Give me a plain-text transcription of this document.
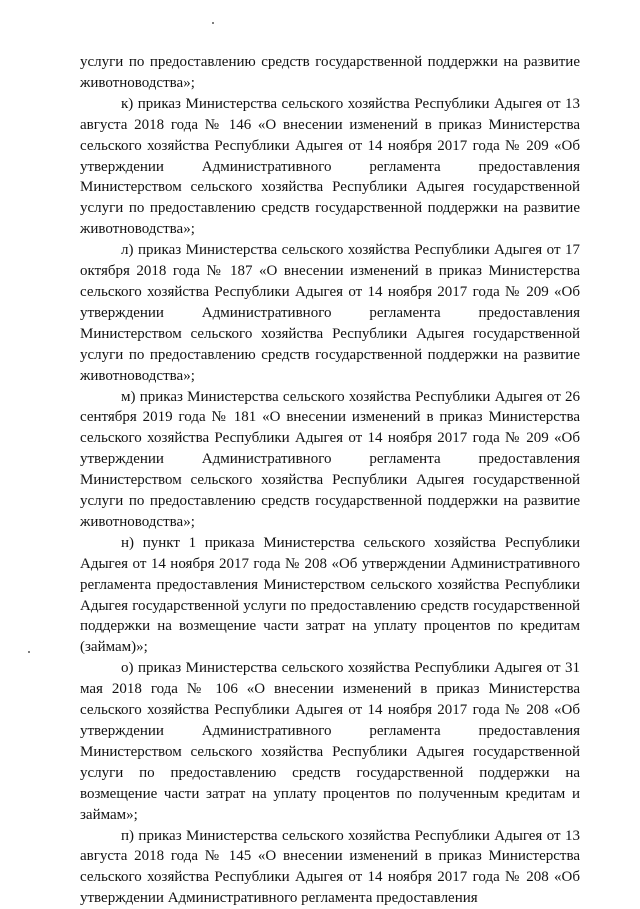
услуги по предоставлению средств государственной поддержки на развитие животноводства»;

к) приказ Министерства сельского хозяйства Республики Адыгея от 13 августа 2018 года № 146 «О внесении изменений в приказ Министерства сельского хозяйства Республики Адыгея от 14 ноября 2017 года № 209 «Об утверждении Административного регламента предоставления Министерством сельского хозяйства Республики Адыгея государственной услуги по предоставлению средств государственной поддержки на развитие животноводства»;

л) приказ Министерства сельского хозяйства Республики Адыгея от 17 октября 2018 года № 187 «О внесении изменений в приказ Министерства сельского хозяйства Республики Адыгея от 14 ноября 2017 года № 209 «Об утверждении Административного регламента предоставления Министерством сельского хозяйства Республики Адыгея государственной услуги по предоставлению средств государственной поддержки на развитие животноводства»;

м) приказ Министерства сельского хозяйства Республики Адыгея от 26 сентября 2019 года № 181 «О внесении изменений в приказ Министерства сельского хозяйства Республики Адыгея от 14 ноября 2017 года № 209 «Об утверждении Административного регламента предоставления Министерством сельского хозяйства Республики Адыгея государственной услуги по предоставлению средств государственной поддержки на развитие животноводства»;

н) пункт 1 приказа Министерства сельского хозяйства Республики Адыгея от 14 ноября 2017 года № 208 «Об утверждении Административного регламента предоставления Министерством сельского хозяйства Республики Адыгея государственной услуги по предоставлению средств государственной поддержки на возмещение части затрат на уплату процентов по кредитам (займам)»;

о) приказ Министерства сельского хозяйства Республики Адыгея от 31 мая 2018 года № 106 «О внесении изменений в приказ Министерства сельского хозяйства Республики Адыгея от 14 ноября 2017 года № 208 «Об утверждении Административного регламента предоставления Министерством сельского хозяйства Республики Адыгея государственной услуги по предоставлению средств государственной поддержки на возмещение части затрат на уплату процентов по полученным кредитам и займам»;

п) приказ Министерства сельского хозяйства Республики Адыгея от 13 августа 2018 года № 145 «О внесении изменений в приказ Министерства сельского хозяйства Республики Адыгея от 14 ноября 2017 года № 208 «Об утверждении Административного регламента предоставления
